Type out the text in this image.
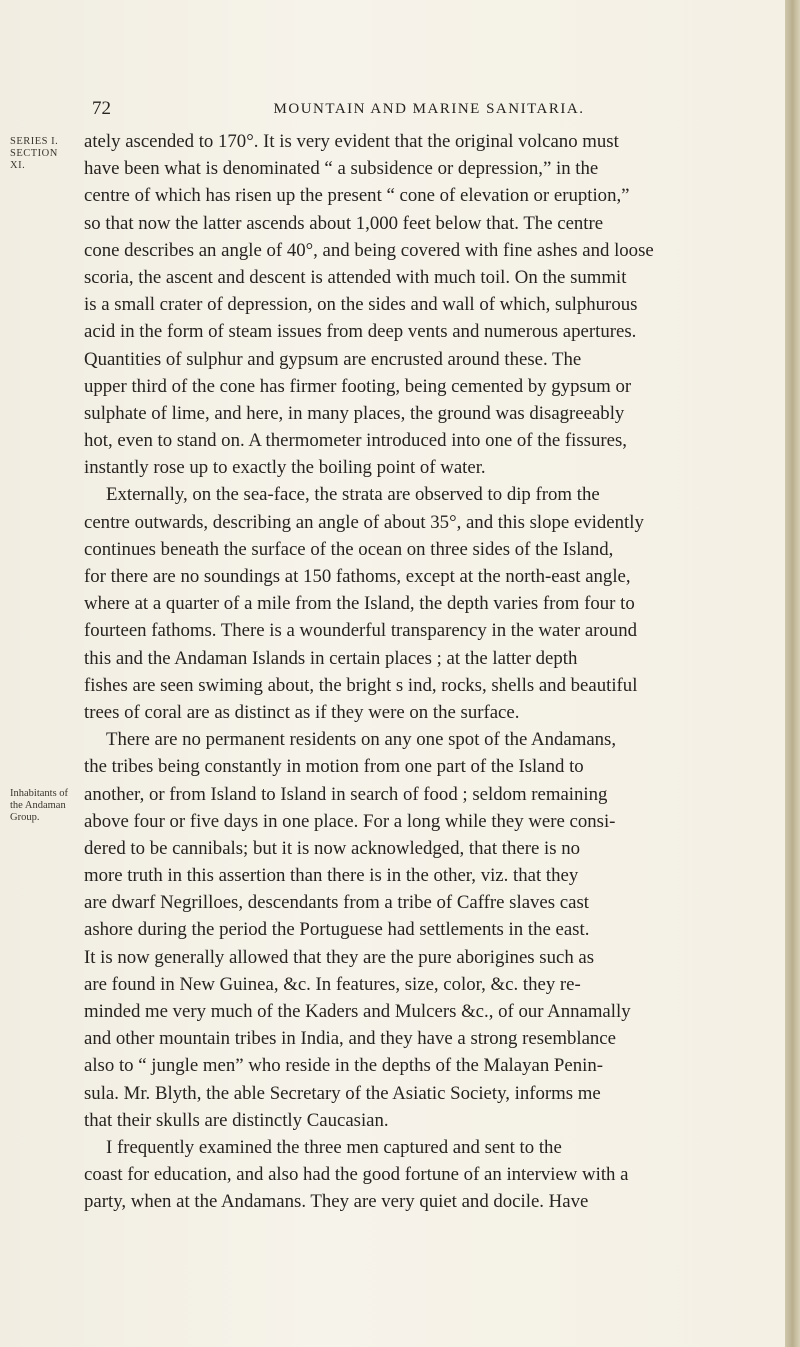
72	MOUNTAIN AND MARINE SANITARIA.
SERIES I.
SECTION XI.
Inhabitants of
the Andaman
Group.
ately ascended to 170°. It is very evident that the original volcano must
have been what is denominated “ a subsidence or depression,” in the
centre of which has risen up the present “ cone of elevation or eruption,”
so that now the latter ascends about 1,000 feet below that. The centre
cone describes an angle of 40°, and being covered with fine ashes and loose
scoria, the ascent and descent is attended with much toil. On the summit
is a small crater of depression, on the sides and wall of which, sulphurous
acid in the form of steam issues from deep vents and numerous apertures.
Quantities of sulphur and gypsum are encrusted around these. The
upper third of the cone has firmer footing, being cemented by gypsum or
sulphate of lime, and here, in many places, the ground was disagreeably
hot, even to stand on. A thermometer introduced into one of the fissures,
instantly rose up to exactly the boiling point of water.
Externally, on the sea-face, the strata are observed to dip from the
centre outwards, describing an angle of about 35°, and this slope evidently
continues beneath the surface of the ocean on three sides of the Island,
for there are no soundings at 150 fathoms, except at the north-east angle,
where at a quarter of a mile from the Island, the depth varies from four to
fourteen fathoms. There is a wounderful transparency in the water around
this and the Andaman Islands in certain places ; at the latter depth
fishes are seen swiming about, the bright s ind, rocks, shells and beautiful
trees of coral are as distinct as if they were on the surface.
There are no permanent residents on any one spot of the Andamans,
the tribes being constantly in motion from one part of the Island to
another, or from Island to Island in search of food ; seldom remaining
above four or five days in one place. For a long while they were consi-
dered to be cannibals; but it is now acknowledged, that there is no
more truth in this assertion than there is in the other, viz. that they
are dwarf Negrilloes, descendants from a tribe of Caffre slaves cast
ashore during the period the Portuguese had settlements in the east.
It is now generally allowed that they are the pure aborigines such as
are found in New Guinea, &c. In features, size, color, &c. they re-
minded me very much of the Kaders and Mulcers &c., of our Annamally
and other mountain tribes in India, and they have a strong resemblance
also to “ jungle men” who reside in the depths of the Malayan Penin-
sula. Mr. Blyth, the able Secretary of the Asiatic Society, informs me
that their skulls are distinctly Caucasian.
I frequently examined the three men captured and sent to the
coast for education, and also had the good fortune of an interview with a
party, when at the Andamans. They are very quiet and docile. Have
